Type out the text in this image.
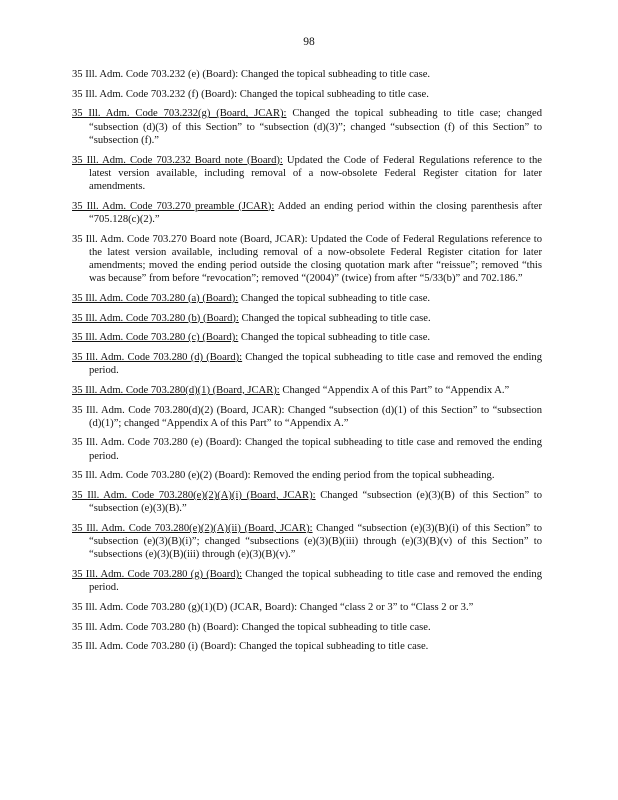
98

35 Ill. Adm. Code 703.232 (e) (Board): Changed the topical subheading to title case.

35 Ill. Adm. Code 703.232 (f) (Board): Changed the topical subheading to title case.

35 Ill. Adm. Code 703.232(g) (Board, JCAR): Changed the topical subheading to title case; changed “subsection (d)(3) of this Section” to “subsection (d)(3)”; changed “subsection (f) of this Section” to “subsection (f).”

35 Ill. Adm. Code 703.232 Board note (Board): Updated the Code of Federal Regulations reference to the latest version available, including removal of a now-obsolete Federal Register citation for later amendments.

35 Ill. Adm. Code 703.270 preamble (JCAR): Added an ending period within the closing parenthesis after “705.128(c)(2).”

35 Ill. Adm. Code 703.270 Board note (Board, JCAR): Updated the Code of Federal Regulations reference to the latest version available, including removal of a now-obsolete Federal Register citation for later amendments; moved the ending period outside the closing quotation mark after “reissue”; removed “this was because” from before “revocation”; removed “(2004)” (twice) from after “5/33(b)” and 702.186.”

35 Ill. Adm. Code 703.280 (a) (Board): Changed the topical subheading to title case.

35 Ill. Adm. Code 703.280 (b) (Board): Changed the topical subheading to title case.

35 Ill. Adm. Code 703.280 (c) (Board): Changed the topical subheading to title case.

35 Ill. Adm. Code 703.280 (d) (Board): Changed the topical subheading to title case and removed the ending period.

35 Ill. Adm. Code 703.280(d)(1) (Board, JCAR): Changed “Appendix A of this Part” to “Appendix A.”

35 Ill. Adm. Code 703.280(d)(2) (Board, JCAR): Changed “subsection (d)(1) of this Section” to “subsection (d)(1)”; changed “Appendix A of this Part” to “Appendix A.”

35 Ill. Adm. Code 703.280 (e) (Board): Changed the topical subheading to title case and removed the ending period.

35 Ill. Adm. Code 703.280 (e)(2) (Board): Removed the ending period from the topical subheading.

35 Ill. Adm. Code 703.280(e)(2)(A)(i) (Board, JCAR): Changed “subsection (e)(3)(B) of this Section” to “subsection (e)(3)(B).”

35 Ill. Adm. Code 703.280(e)(2)(A)(ii) (Board, JCAR): Changed “subsection (e)(3)(B)(i) of this Section” to “subsection (e)(3)(B)(i)”; changed “subsections (e)(3)(B)(iii) through (e)(3)(B)(v) of this Section” to “subsections (e)(3)(B)(iii) through (e)(3)(B)(v).”

35 Ill. Adm. Code 703.280 (g) (Board): Changed the topical subheading to title case and removed the ending period.

35 Ill. Adm. Code 703.280 (g)(1)(D) (JCAR, Board): Changed “class 2 or 3” to “Class 2 or 3.”

35 Ill. Adm. Code 703.280 (h) (Board): Changed the topical subheading to title case.

35 Ill. Adm. Code 703.280 (i) (Board): Changed the topical subheading to title case.
